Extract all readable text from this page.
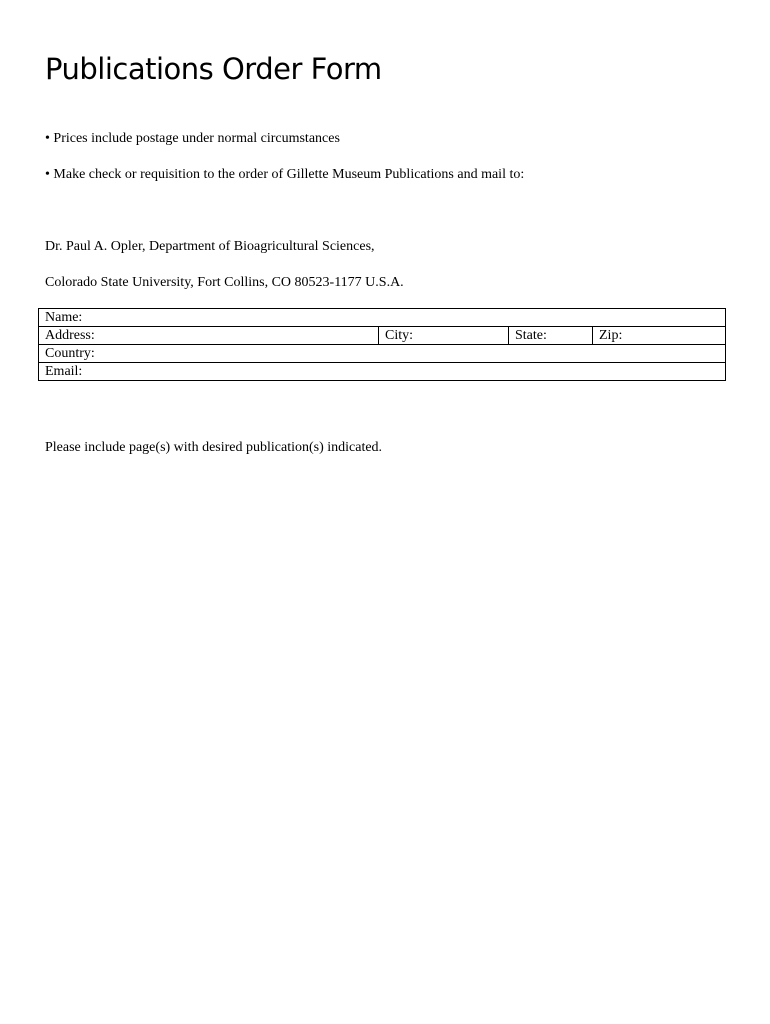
Publications Order Form

• Prices include postage under normal circumstances

• Make check or requisition to the order of Gillette Museum Publications and mail to:

Dr. Paul A. Opler, Department of Bioagricultural Sciences,

Colorado State University, Fort Collins, CO 80523-1177 U.S.A.

Name:
Address:	City:	State:	Zip:
Country:
Email:

Please include page(s) with desired publication(s) indicated.
